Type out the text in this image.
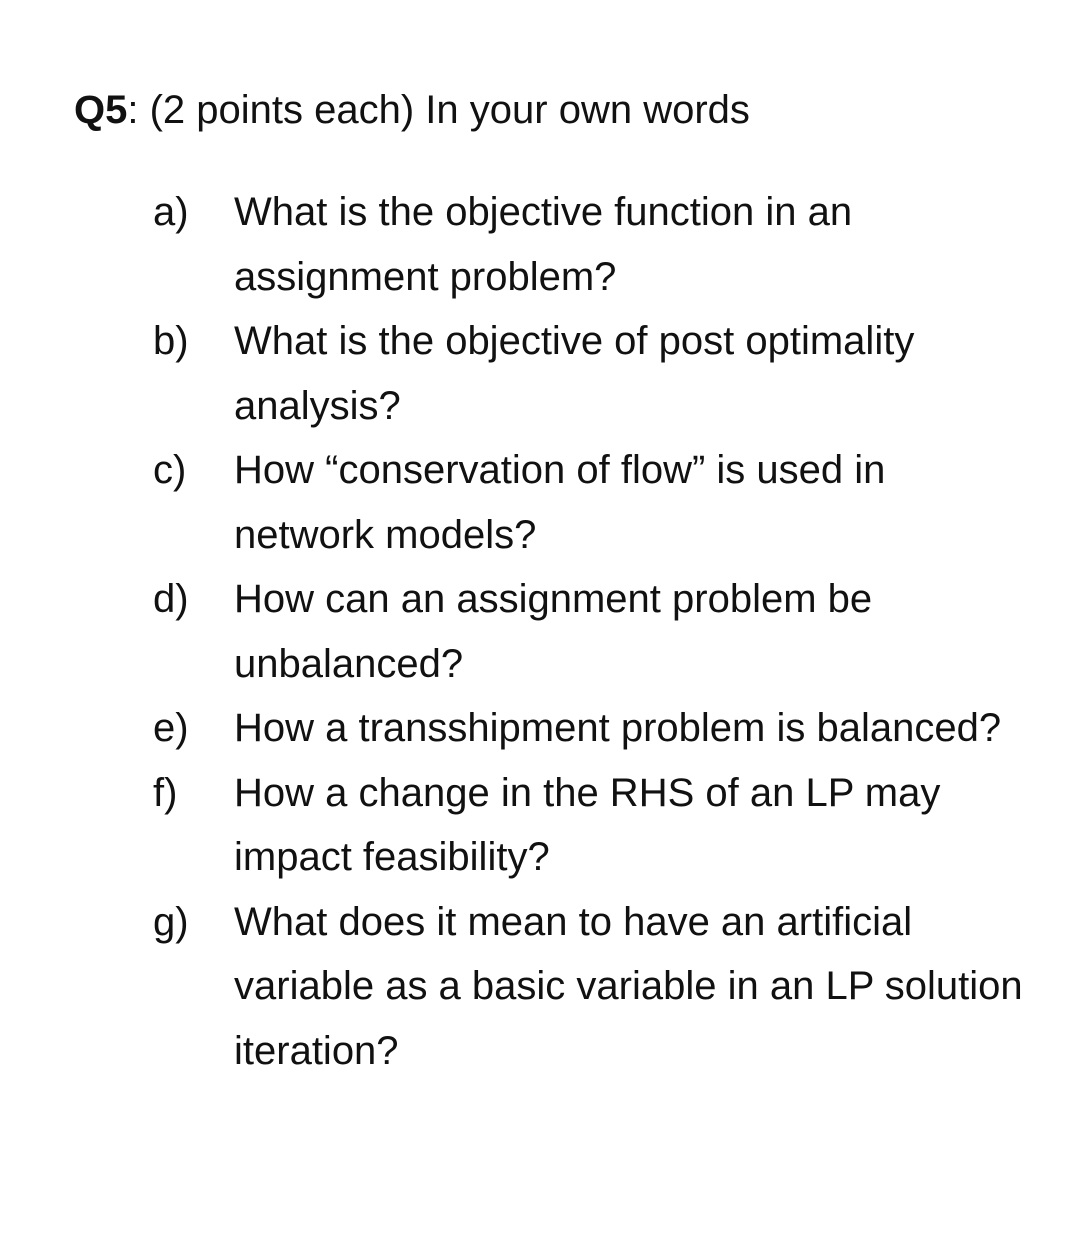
Q5: (2 points each) In your own words
a)	What is the objective function in an assignment problem?
b)	What is the objective of post optimality analysis?
c)	How “conservation of flow” is used in network models?
d)	How can an assignment problem be unbalanced?
e)	How a transshipment problem is balanced?
f)	How a change in the RHS of an LP may impact feasibility?
g)	What does it mean to have an artificial variable as a basic variable in an LP solution iteration?
